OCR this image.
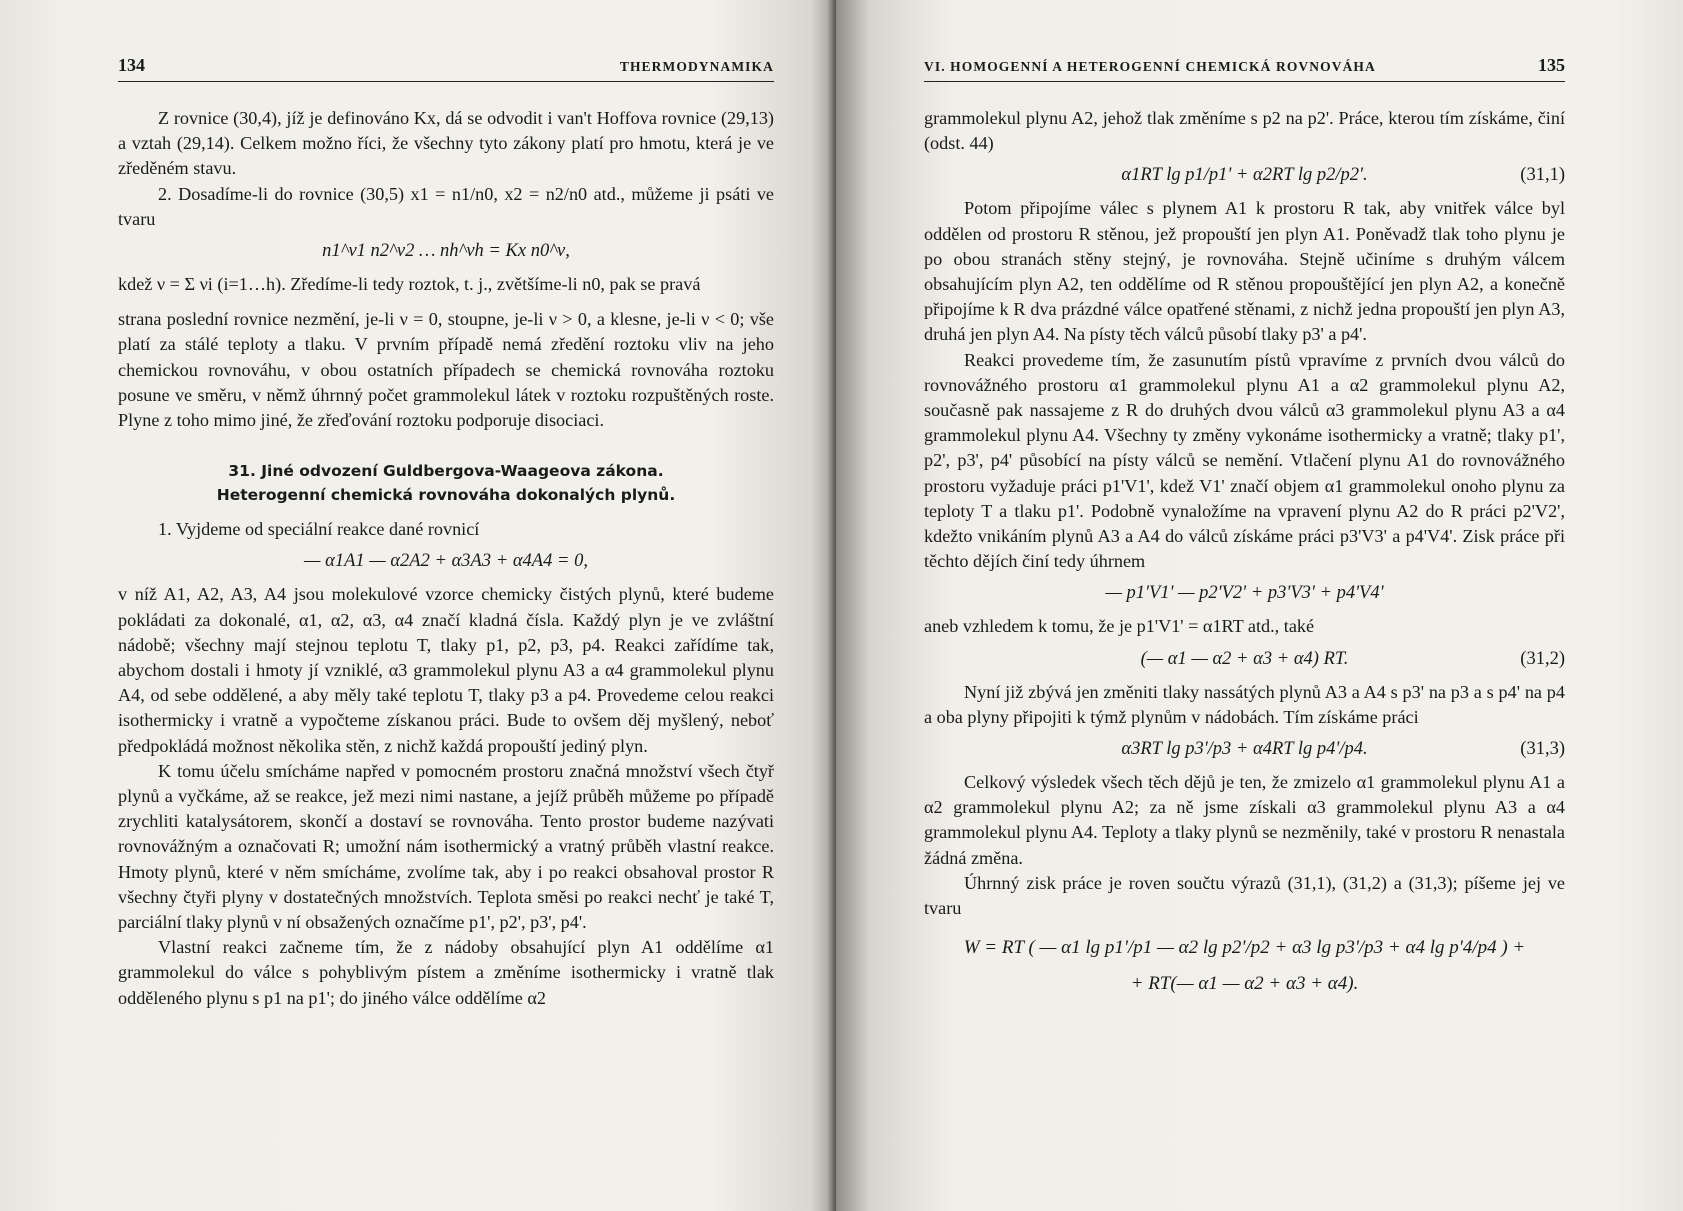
134	THERMODYNAMIKA

Z rovnice (30,4), jíž je definováno Kx, dá se odvodit i van't Hoffova rovnice (29,13) a vztah (29,14). Celkem možno říci, že všechny tyto zákony platí pro hmotu, která je ve zředěném stavu.

2. Dosadíme-li do rovnice (30,5) x1 = n1/n0, x2 = n2/n0 atd., můžeme ji psáti ve tvaru

n1^ν1 n2^ν2 … nh^νh = Kx n0^ν,

kdež ν = Σ νi (i=1…h). Zředíme-li tedy roztok, t. j., zvětšíme-li n0, pak se pravá

strana poslední rovnice nezmění, je-li ν = 0, stoupne, je-li ν > 0, a klesne, je-li ν < 0; vše platí za stálé teploty a tlaku. V prvním případě nemá zředění roztoku vliv na jeho chemickou rovnováhu, v obou ostatních případech se chemická rovnováha roztoku posune ve směru, v němž úhrnný počet grammolekul látek v roztoku rozpuštěných roste. Plyne z toho mimo jiné, že zřeďování roztoku podporuje disociaci.

31. Jiné odvození Guldbergova-Waageova zákona.
Heterogenní chemická rovnováha dokonalých plynů.

1. Vyjdeme od speciální reakce dané rovnicí

— α1A1 — α2A2 + α3A3 + α4A4 = 0,

v níž A1, A2, A3, A4 jsou molekulové vzorce chemicky čistých plynů, které budeme pokládati za dokonalé, α1, α2, α3, α4 značí kladná čísla. Každý plyn je ve zvláštní nádobě; všechny mají stejnou teplotu T, tlaky p1, p2, p3, p4. Reakci zařídíme tak, abychom dostali i hmoty jí vzniklé, α3 grammolekul plynu A3 a α4 grammolekul plynu A4, od sebe oddělené, a aby měly také teplotu T, tlaky p3 a p4. Provedeme celou reakci isothermicky i vratně a vypočteme získanou práci. Bude to ovšem děj myšlený, neboť předpokládá možnost několika stěn, z nichž každá propouští jediný plyn.

K tomu účelu smícháme napřed v pomocném prostoru značná množství všech čtyř plynů a vyčkáme, až se reakce, jež mezi nimi nastane, a jejíž průběh můžeme po případě zrychliti katalysátorem, skončí a dostaví se rovnováha. Tento prostor budeme nazývati rovnovážným a označovati R; umožní nám isothermický a vratný průběh vlastní reakce. Hmoty plynů, které v něm smícháme, zvolíme tak, aby i po reakci obsahoval prostor R všechny čtyři plyny v dostatečných množstvích. Teplota směsi po reakci nechť je také T, parciální tlaky plynů v ní obsažených označíme p1', p2', p3', p4'.

Vlastní reakci začneme tím, že z nádoby obsahující plyn A1 oddělíme α1 grammolekul do válce s pohyblivým pístem a změníme isothermicky i vratně tlak odděleného plynu s p1 na p1'; do jiného válce oddělíme α2

VI. HOMOGENNÍ A HETEROGENNÍ CHEMICKÁ ROVNOVÁHA	135

grammolekul plynu A2, jehož tlak změníme s p2 na p2'. Práce, kterou tím získáme, činí (odst. 44)

α1RT lg p1/p1' + α2RT lg p2/p2'.	(31,1)

Potom připojíme válec s plynem A1 k prostoru R tak, aby vnitřek válce byl oddělen od prostoru R stěnou, jež propouští jen plyn A1. Poněvadž tlak toho plynu je po obou stranách stěny stejný, je rovnováha. Stejně učiníme s druhým válcem obsahujícím plyn A2, ten oddělíme od R stěnou propouštějící jen plyn A2, a konečně připojíme k R dva prázdné válce opatřené stěnami, z nichž jedna propouští jen plyn A3, druhá jen plyn A4. Na písty těch válců působí tlaky p3' a p4'.

Reakci provedeme tím, že zasunutím pístů vpravíme z prvních dvou válců do rovnovážného prostoru α1 grammolekul plynu A1 a α2 grammolekul plynu A2, současně pak nassajeme z R do druhých dvou válců α3 grammolekul plynu A3 a α4 grammolekul plynu A4. Všechny ty změny vykonáme isothermicky a vratně; tlaky p1', p2', p3', p4' působící na písty válců se nemění. Vtlačení plynu A1 do rovnovážného prostoru vyžaduje práci p1'V1', kdež V1' značí objem α1 grammolekul onoho plynu za teploty T a tlaku p1'. Podobně vynaložíme na vpravení plynu A2 do R práci p2'V2', kdežto vnikáním plynů A3 a A4 do válců získáme práci p3'V3' a p4'V4'. Zisk práce při těchto dějích činí tedy úhrnem

— p1'V1' — p2'V2' + p3'V3' + p4'V4'

aneb vzhledem k tomu, že je p1'V1' = α1RT atd., také

(— α1 — α2 + α3 + α4) RT.	(31,2)

Nyní již zbývá jen změniti tlaky nassátých plynů A3 a A4 s p3' na p3 a s p4' na p4 a oba plyny připojiti k týmž plynům v nádobách. Tím získáme práci

α3RT lg p3'/p3 + α4RT lg p4'/p4.	(31,3)

Celkový výsledek všech těch dějů je ten, že zmizelo α1 grammolekul plynu A1 a α2 grammolekul plynu A2; za ně jsme získali α3 grammolekul plynu A3 a α4 grammolekul plynu A4. Teploty a tlaky plynů se nezměnily, také v prostoru R nenastala žádná změna.

Úhrnný zisk práce je roven součtu výrazů (31,1), (31,2) a (31,3); píšeme jej ve tvaru

W = RT ( — α1 lg p1'/p1 — α2 lg p2'/p2 + α3 lg p3'/p3 + α4 lg p'4/p4 ) +
+ RT(— α1 — α2 + α3 + α4).
